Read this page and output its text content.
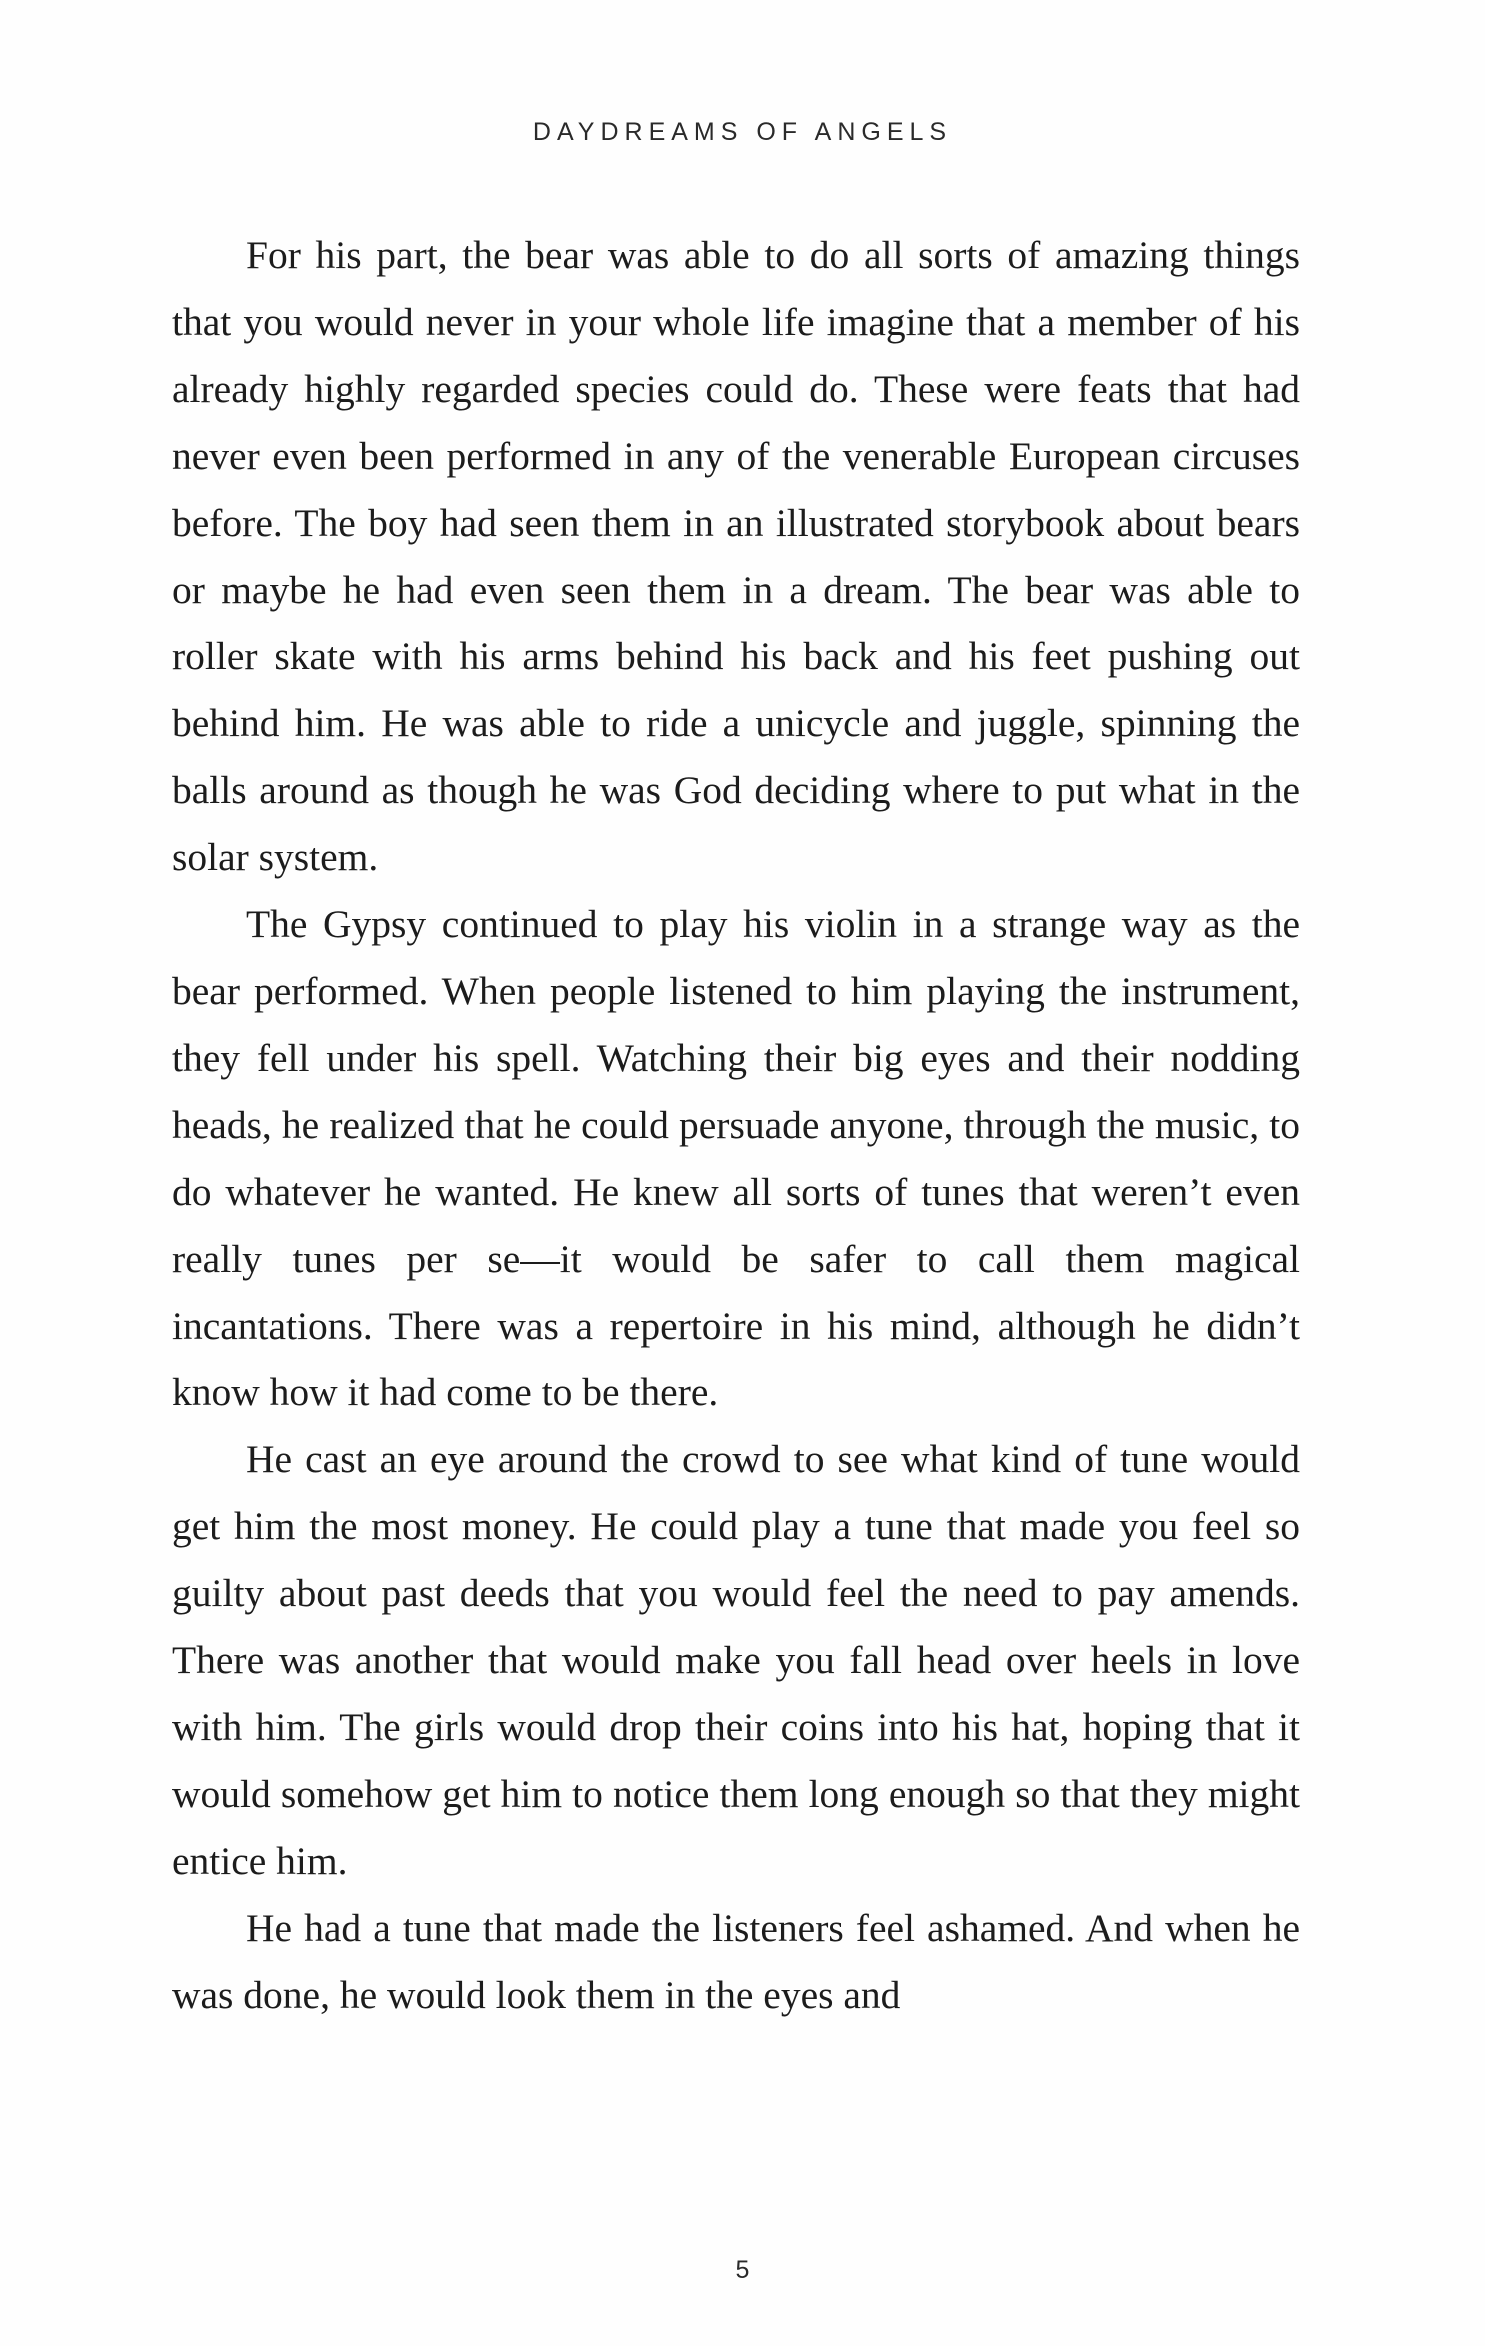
DAYDREAMS OF ANGELS

For his part, the bear was able to do all sorts of amazing things that you would never in your whole life imagine that a member of his already highly regarded species could do. These were feats that had never even been performed in any of the venerable European circuses before. The boy had seen them in an illustrated storybook about bears or maybe he had even seen them in a dream. The bear was able to roller skate with his arms behind his back and his feet pushing out behind him. He was able to ride a unicycle and juggle, spinning the balls around as though he was God deciding where to put what in the solar system.

The Gypsy continued to play his violin in a strange way as the bear performed. When people listened to him playing the instrument, they fell under his spell. Watching their big eyes and their nodding heads, he realized that he could persuade anyone, through the music, to do whatever he wanted. He knew all sorts of tunes that weren’t even really tunes per se—it would be safer to call them magical incantations. There was a repertoire in his mind, although he didn’t know how it had come to be there.

He cast an eye around the crowd to see what kind of tune would get him the most money. He could play a tune that made you feel so guilty about past deeds that you would feel the need to pay amends. There was another that would make you fall head over heels in love with him. The girls would drop their coins into his hat, hoping that it would somehow get him to notice them long enough so that they might entice him.

He had a tune that made the listeners feel ashamed. And when he was done, he would look them in the eyes and

5
